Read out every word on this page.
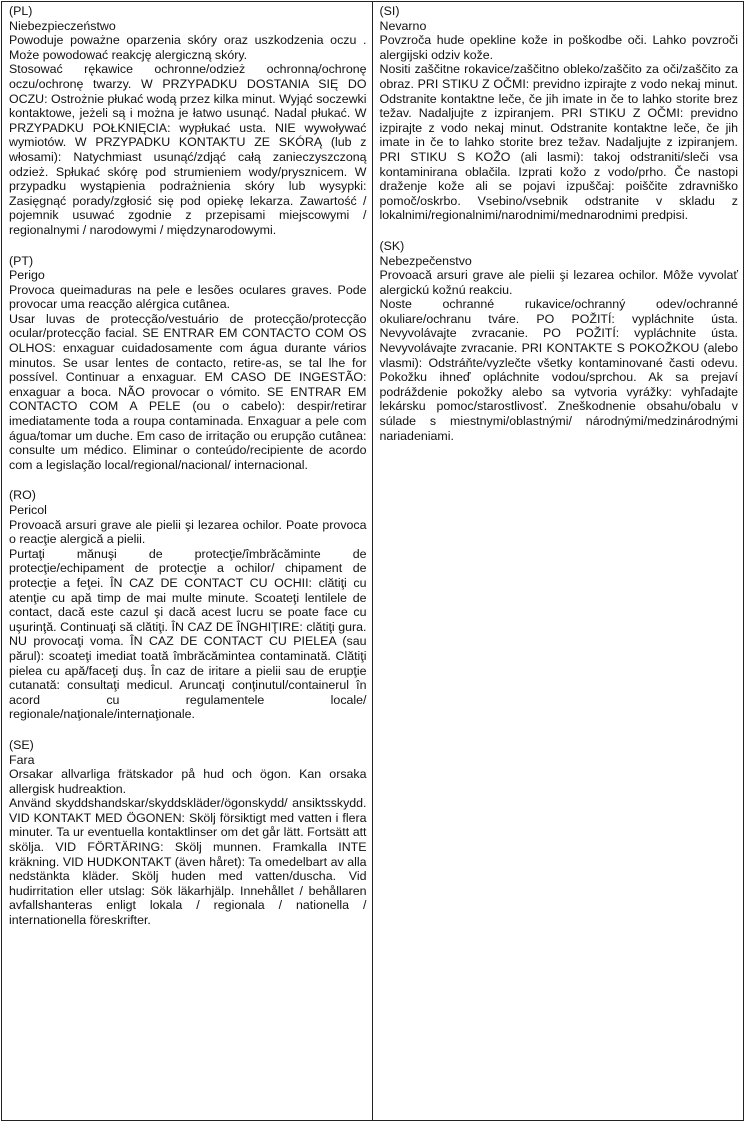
(PL)
Niebezpieczeństwo
Powoduje poważne oparzenia skóry oraz uszkodzenia oczu . Może powodować reakcję alergiczną skóry.
Stosować rękawice ochronne/odzież ochronną/ochronę oczu/ochronę twarzy. W PRZYPADKU DOSTANIA SIĘ DO OCZU: Ostrożnie płukać wodą przez kilka minut. Wyjąć soczewki kontaktowe, jeżeli są i można je łatwo usunąć. Nadal płukać. W PRZYPADKU POŁKNIĘCIA: wypłukać usta. NIE wywoływać wymiotów. W PRZYPADKU KONTAKTU ZE SKÓRĄ (lub z włosami): Natychmiast usunąć/zdjąć całą zanieczyszczoną odzież. Spłukać skórę pod strumieniem wody/prysznicem. W przypadku wystąpienia podrażnienia skóry lub wysypki: Zasięgnąć porady/zgłosić się pod opiekę lekarza. Zawartość / pojemnik usuwać zgodnie z przepisami miejscowymi / regionalnymi / narodowymi / międzynarodowymi.
(PT)
Perigo
Provoca queimaduras na pele e lesões oculares graves. Pode provocar uma reacção alérgica cutânea.
Usar luvas de protecção/vestuário de protecção/protecção ocular/protecção facial. SE ENTRAR EM CONTACTO COM OS OLHOS: enxaguar cuidadosamente com água durante vários minutos. Se usar lentes de contacto, retire-as, se tal lhe for possível. Continuar a enxaguar. EM CASO DE INGESTÃO: enxaguar a boca. NÃO provocar o vómito. SE ENTRAR EM CONTACTO COM A PELE (ou o cabelo): despir/retirar imediatamente toda a roupa contaminada. Enxaguar a pele com água/tomar um duche. Em caso de irritação ou erupção cutânea: consulte um médico. Eliminar o conteúdo/recipiente de acordo com a legislação local/regional/nacional/ internacional.
(RO)
Pericol
Provoacă arsuri grave ale pielii şi lezarea ochilor. Poate provoca o reacţie alergică a pielii.
Purtaţi mănuşi de protecţie/îmbrăcăminte de protecţie/echipament de protecţie a ochilor/ chipament de protecţie a feţei. ÎN CAZ DE CONTACT CU OCHII: clătiţi cu atenţie cu apă timp de mai multe minute. Scoateţi lentilele de contact, dacă este cazul şi dacă acest lucru se poate face cu uşurinţă. Continuaţi să clătiţi. ÎN CAZ DE ÎNGHIŢIRE: clătiţi gura. NU provocaţi voma. ÎN CAZ DE CONTACT CU PIELEA (sau părul): scoateţi imediat toată îmbrăcămintea contaminată. Clătiţi pielea cu apă/faceţi duş. În caz de iritare a pielii sau de erupţie cutanată: consultaţi medicul. Aruncaţi conţinutul/containerul în acord cu regulamentele locale/ regionale/naţionale/internaţionale.
(SE)
Fara
Orsakar allvarliga frätskador på hud och ögon. Kan orsaka allergisk hudreaktion.
Använd skyddshandskar/skyddskläder/ögonskydd/ ansiktsskydd. VID KONTAKT MED ÖGONEN: Skölj försiktigt med vatten i flera minuter. Ta ur eventuella kontaktlinser om det går lätt. Fortsätt att skölja. VID FÖRTÄRING: Skölj munnen. Framkalla INTE kräkning. VID HUDKONTAKT (även håret): Ta omedelbart av alla nedstänkta kläder. Skölj huden med vatten/duscha. Vid hudirritation eller utslag: Sök läkarhjälp. Innehållet / behållaren avfallshanteras enligt lokala / regionala / nationella / internationella föreskrifter.
(SI)
Nevarno
Povzroča hude opekline kože in poškodbe oči. Lahko povzroči alergijski odziv kože.
Nositi zaščitne rokavice/zaščitno obleko/zaščito za oči/zaščito za obraz. PRI STIKU Z OČMI: previdno izpirajte z vodo nekaj minut. Odstranite kontaktne leče, če jih imate in če to lahko storite brez težav. Nadaljujte z izpiranjem. PRI STIKU Z OČMI: previdno izpirajte z vodo nekaj minut. Odstranite kontaktne leče, če jih imate in če to lahko storite brez težav. Nadaljujte z izpiranjem. PRI STIKU S KOŽO (ali lasmi): takoj odstraniti/sleči vsa kontaminirana oblačila. Izprati kožo z vodo/prho. Če nastopi draženje kože ali se pojavi izpuščaj: poiščite zdravniško pomoč/oskrbo. Vsebino/vsebnik odstranite v skladu z lokalnimi/regionalnimi/narodnimi/mednarodnimi predpisi.
(SK)
Nebezpečenstvo
Provoacă arsuri grave ale pielii şi lezarea ochilor. Môže vyvolať alergickú kožnú reakciu.
Noste ochranné rukavice/ochranný odev/ochranné okuliare/ochranu tváre. PO POŽITÍ: vypláchnite ústa. Nevyvolávajte zvracanie. PO POŽITÍ: vypláchnite ústa. Nevyvolávajte zvracanie. PRI KONTAKTE S POKOŽKOU (alebo vlasmi): Odstráňte/vyzlečte všetky kontaminované časti odevu. Pokožku ihneď opláchnite vodou/sprchou. Ak sa prejaví podráždenie pokožky alebo sa vytvoria vyrážky: vyhľadajte lekársku pomoc/starostlivosť. Zneškodnenie obsahu/obalu v súlade s miestnymi/oblastnými/ národnými/medzinárodnými nariadeniami.
